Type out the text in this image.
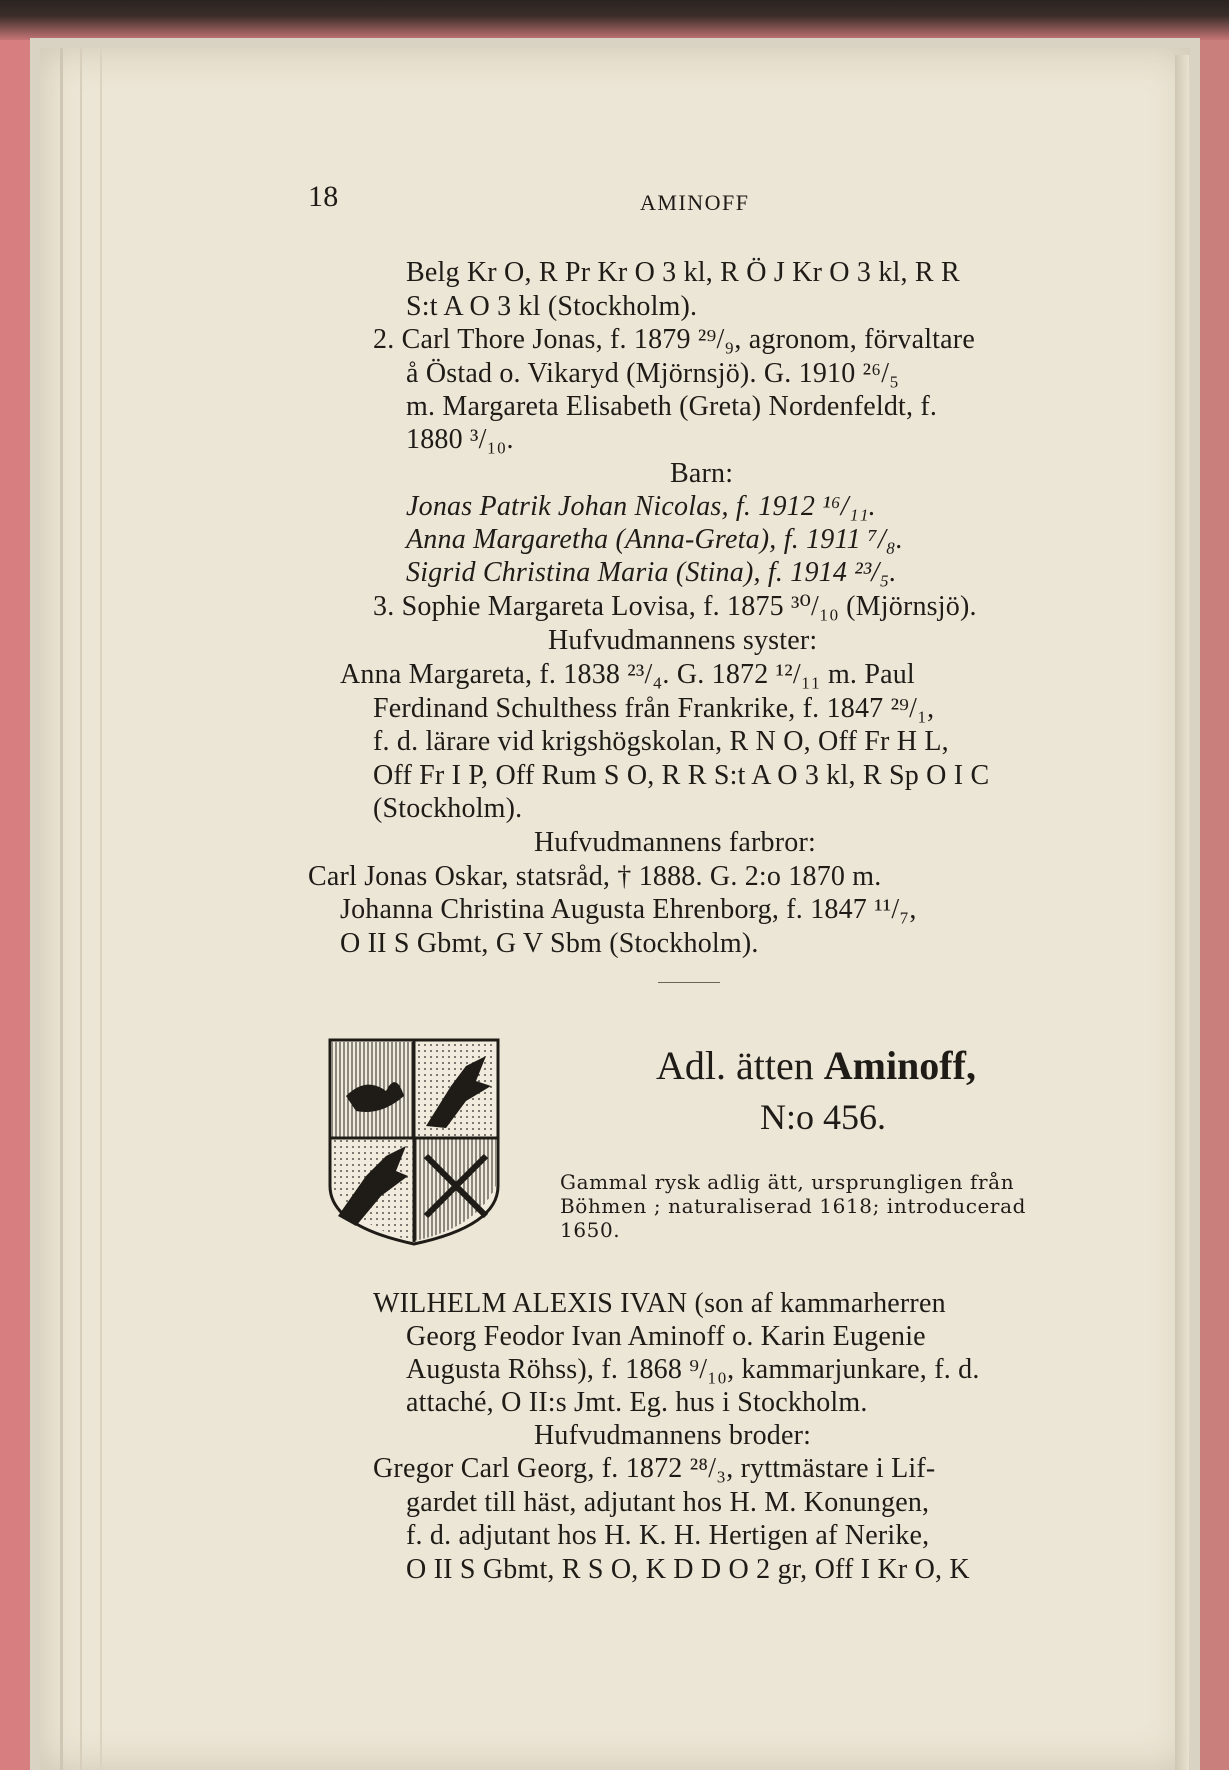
18	AMINOFF
Belg Kr O, R Pr Kr O 3 kl, R Ö J Kr O 3 kl, R R
S:t A O 3 kl (Stockholm).
2. Carl Thore Jonas, f. 1879 ²⁹/₉, agronom, förvaltare
å Östad o. Vikaryd (Mjörnsjö). G. 1910 ²⁶/₅
m. Margareta Elisabeth (Greta) Nordenfeldt, f.
1880 ³/₁₀.
Barn:
Jonas Patrik Johan Nicolas, f. 1912 ¹⁶/₁₁.
Anna Margaretha (Anna-Greta), f. 1911 ⁷/₈.
Sigrid Christina Maria (Stina), f. 1914 ²³/₅.
3. Sophie Margareta Lovisa, f. 1875 ³⁰/₁₀ (Mjörnsjö).
Hufvudmannens syster:
Anna Margareta, f. 1838 ²³/₄. G. 1872 ¹²/₁₁ m. Paul
Ferdinand Schulthess från Frankrike, f. 1847 ²⁹/₁,
f. d. lärare vid krigshögskolan, R N O, Off Fr H L,
Off Fr I P, Off Rum S O, R R S:t A O 3 kl, R Sp O I C
(Stockholm).
Hufvudmannens farbror:
Carl Jonas Oskar, statsråd, † 1888. G. 2:o 1870 m.
Johanna Christina Augusta Ehrenborg, f. 1847 ¹¹/₇,
O II S Gbmt, G V Sbm (Stockholm).
Adl. ätten Aminoff,
N:o 456.
Gammal rysk adlig ätt, ursprungligen från
Böhmen ; naturaliserad 1618; introducerad
1650.
WILHELM ALEXIS IVAN (son af kammarherren
Georg Feodor Ivan Aminoff o. Karin Eugenie
Augusta Röhss), f. 1868 ⁹/₁₀, kammarjunkare, f. d.
attaché, O II:s Jmt. Eg. hus i Stockholm.
Hufvudmannens broder:
Gregor Carl Georg, f. 1872 ²⁸/₃, ryttmästare i Lif-
gardet till häst, adjutant hos H. M. Konungen,
f. d. adjutant hos H. K. H. Hertigen af Nerike,
O II S Gbmt, R S O, K D D O 2 gr, Off I Kr O, K
